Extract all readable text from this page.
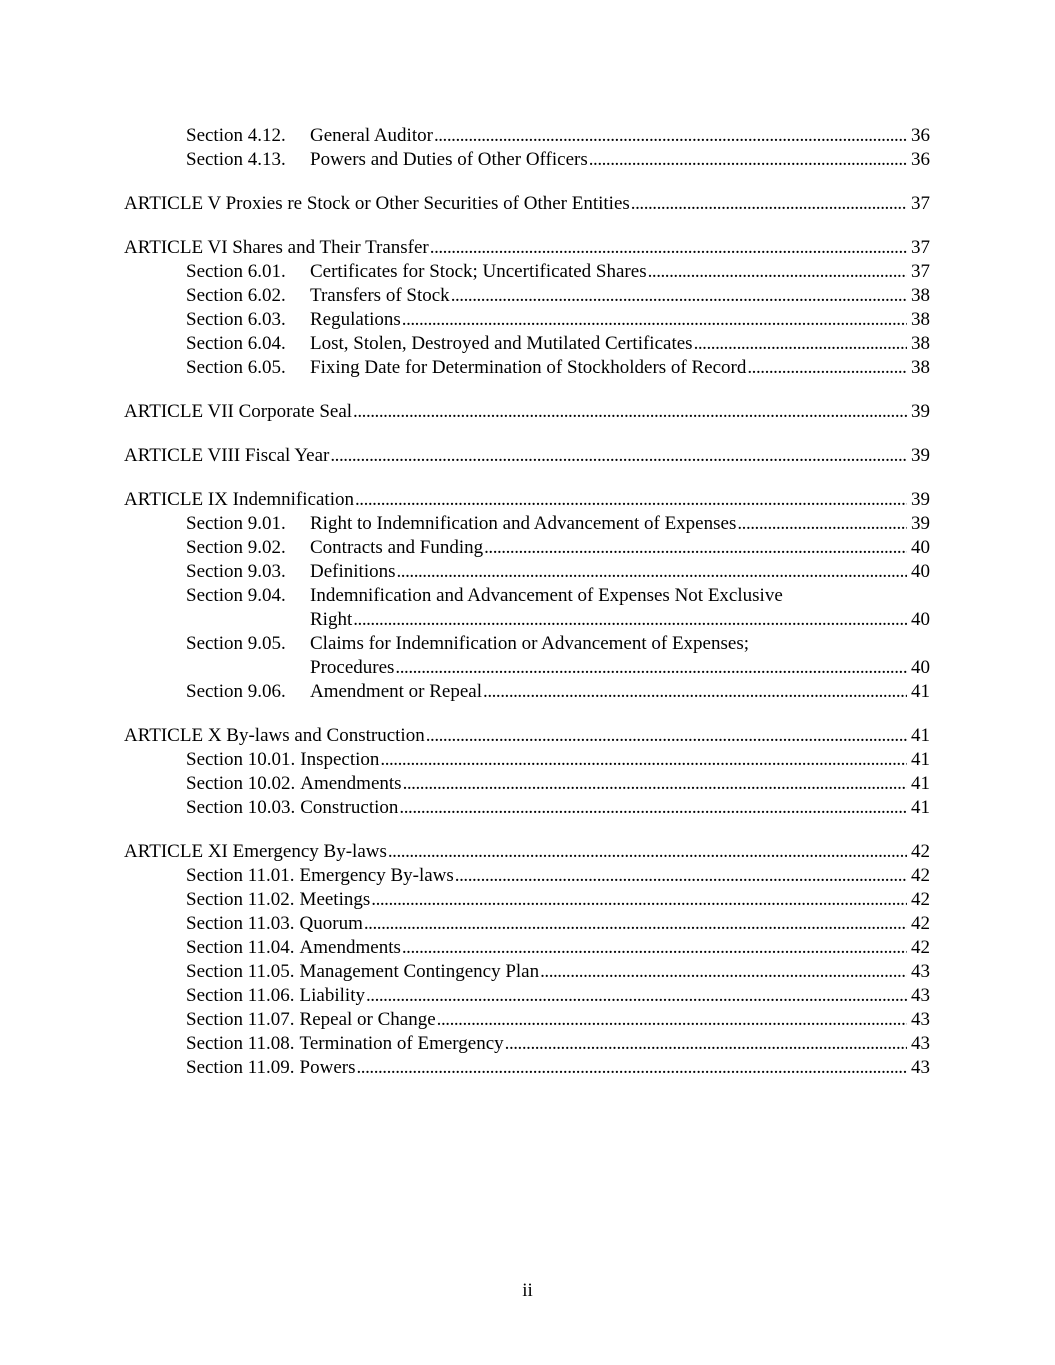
Section 4.12.	General Auditor . . .	36
Section 4.13.	Powers and Duties of Other Officers . . .	36
ARTICLE V Proxies re Stock or Other Securities of Other Entities . . .	37
ARTICLE VI Shares and Their Transfer . . .	37
Section 6.01.	Certificates for Stock; Uncertificated Shares . . .	37
Section 6.02.	Transfers of Stock . . .	38
Section 6.03.	Regulations . . .	38
Section 6.04.	Lost, Stolen, Destroyed and Mutilated Certificates . . .	38
Section 6.05.	Fixing Date for Determination of Stockholders of Record . . .	38
ARTICLE VII Corporate Seal . . .	39
ARTICLE VIII Fiscal Year . . .	39
ARTICLE IX Indemnification . . .	39
Section 9.01.	Right to Indemnification and Advancement of Expenses . . .	39
Section 9.02.	Contracts and Funding . . .	40
Section 9.03.	Definitions . . .	40
Section 9.04.	Indemnification and Advancement of Expenses Not Exclusive
Right . . .	40
Section 9.05.	Claims for Indemnification or Advancement of Expenses;
Procedures . . .	40
Section 9.06.	Amendment or Repeal . . .	41
ARTICLE X By-laws and Construction . . .	41
Section 10.01. Inspection . . .	41
Section 10.02. Amendments . . .	41
Section 10.03. Construction . . .	41
ARTICLE XI Emergency By-laws . . .	42
Section 11.01. Emergency By-laws . . .	42
Section 11.02. Meetings . . .	42
Section 11.03. Quorum . . .	42
Section 11.04. Amendments . . .	42
Section 11.05. Management Contingency Plan . . .	43
Section 11.06. Liability . . .	43
Section 11.07. Repeal or Change . . .	43
Section 11.08. Termination of Emergency . . .	43
Section 11.09. Powers . . .	43
ii
